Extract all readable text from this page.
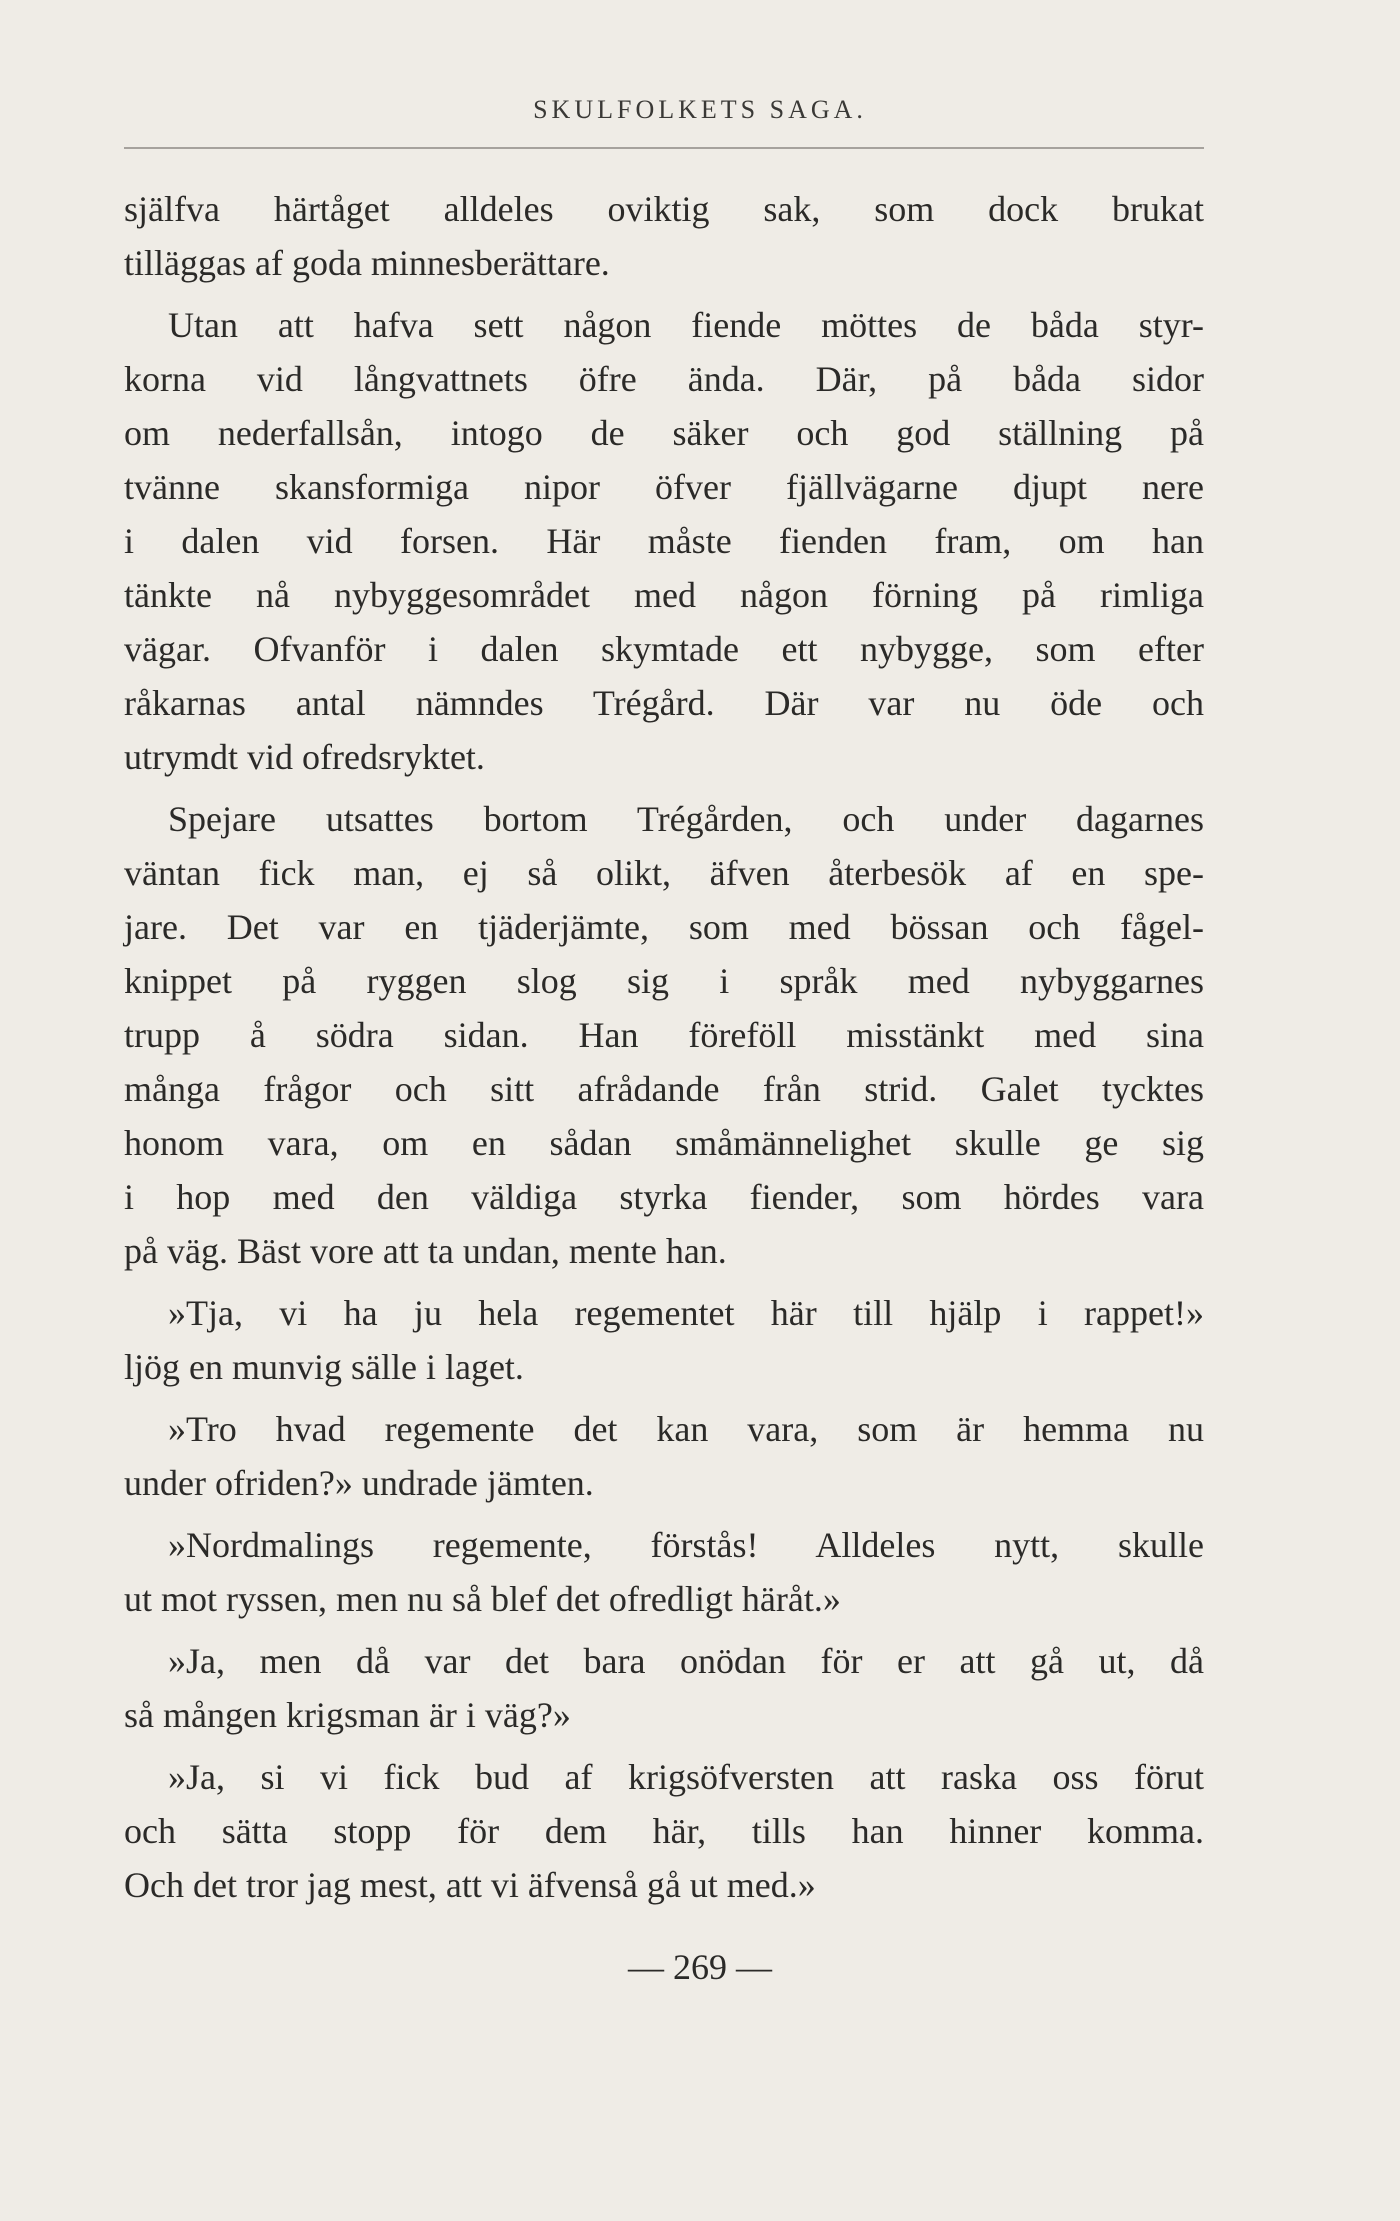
SKULFOLKETS SAGA.
själfva härtåget alldeles oviktig sak, som dock brukat
tilläggas af goda minnesberättare.
Utan att hafva sett någon fiende möttes de båda styr-
korna vid långvattnets öfre ända. Där, på båda sidor
om nederfallsån, intogo de säker och god ställning på
tvänne skansformiga nipor öfver fjällvägarne djupt nere
i dalen vid forsen. Här måste fienden fram, om han
tänkte nå nybyggesområdet med någon förning på rimliga
vägar. Ofvanför i dalen skymtade ett nybygge, som efter
råkarnas antal nämndes Trégård. Där var nu öde och
utrymdt vid ofredsryktet.
Spejare utsattes bortom Trégården, och under dagarnes
väntan fick man, ej så olikt, äfven återbesök af en spe-
jare. Det var en tjäderjämte, som med bössan och fågel-
knippet på ryggen slog sig i språk med nybyggarnes
trupp å södra sidan. Han föreföll misstänkt med sina
många frågor och sitt afrådande från strid. Galet tycktes
honom vara, om en sådan småmännelighet skulle ge sig
i hop med den väldiga styrka fiender, som hördes vara
på väg. Bäst vore att ta undan, mente han.
»Tja, vi ha ju hela regementet här till hjälp i rappet!»
ljög en munvig sälle i laget.
»Tro hvad regemente det kan vara, som är hemma nu
under ofriden?» undrade jämten.
»Nordmalings regemente, förstås! Alldeles nytt, skulle
ut mot ryssen, men nu så blef det ofredligt häråt.»
»Ja, men då var det bara onödan för er att gå ut, då
så mången krigsman är i väg?»
»Ja, si vi fick bud af krigsöfversten att raska oss förut
och sätta stopp för dem här, tills han hinner komma.
Och det tror jag mest, att vi äfvenså gå ut med.»
— 269 —
